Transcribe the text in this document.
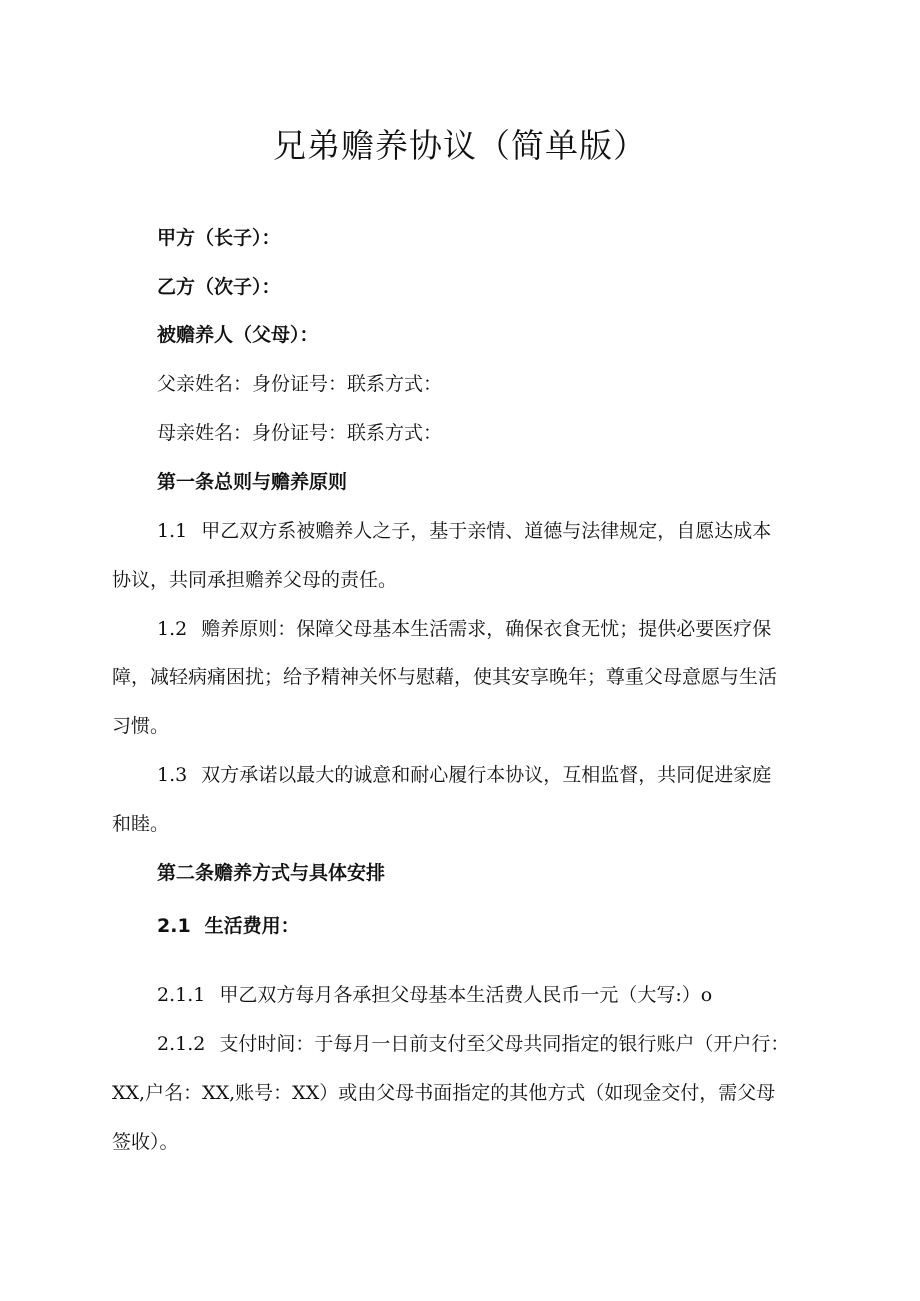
兄弟赡养协议（简单版）
甲方（长子）：
乙方（次子）：
被赡养人（父母）：
父亲姓名：身份证号：联系方式：
母亲姓名：身份证号：联系方式：
第一条总则与赡养原则
1.1 甲乙双方系被赡养人之子，基于亲情、道德与法律规定，自愿达成本
协议，共同承担赡养父母的责任。
1.2 赡养原则：保障父母基本生活需求，确保衣食无忧；提供必要医疗保
障，减轻病痛困扰；给予精神关怀与慰藉，使其安享晚年；尊重父母意愿与生活
习惯。
1.3 双方承诺以最大的诚意和耐心履行本协议，互相监督，共同促进家庭
和睦。
第二条赡养方式与具体安排
2.1 生活费用：
2.1.1 甲乙双方每月各承担父母基本生活费人民币一元（大写:）o
2.1.2 支付时间：于每月一日前支付至父母共同指定的银行账户（开户行：
XX,户名：XX,账号：XX）或由父母书面指定的其他方式（如现金交付，需父母
签收）。
